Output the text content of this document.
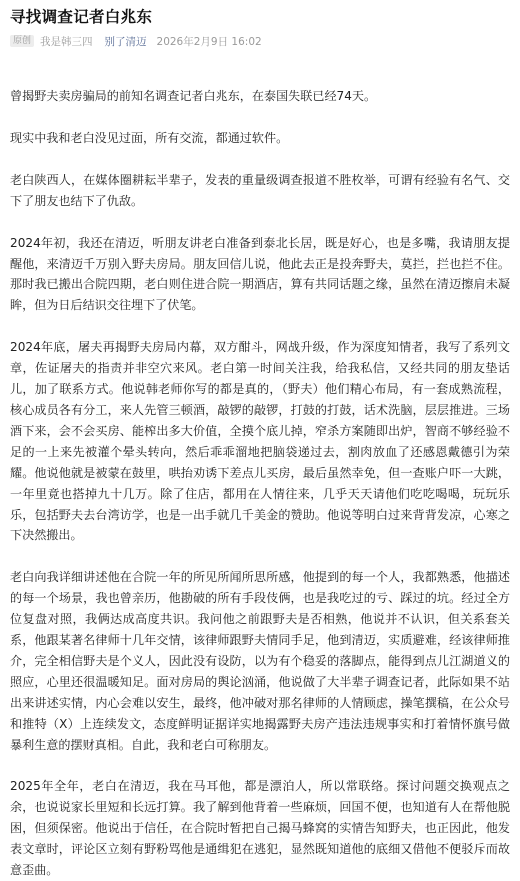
寻找调查记者白兆东
原创 我是韩三四 别了清迈 2026年2月9日 16:02

曾揭野夫卖房骗局的前知名调查记者白兆东，在泰国失联已经74天。

现实中我和老白没见过面，所有交流，都通过软件。

老白陕西人，在媒体圈耕耘半辈子，发表的重量级调查报道不胜枚举，可谓有经验有名气、交下了朋友也结下了仇敌。

2024年初，我还在清迈，听朋友讲老白准备到泰北长居，既是好心，也是多嘴，我请朋友提醒他，来清迈千万别入野夫房局。朋友回信儿说，他此去正是投奔野夫，莫拦，拦也拦不住。那时我已搬出合院四期，老白则住进合院一期酒店，算有共同话题之缘，虽然在清迈擦肩未凝眸，但为日后结识交往埋下了伏笔。

2024年底，屠夫再揭野夫房局内幕，双方酣斗，网战升级，作为深度知情者，我写了系列文章，佐证屠夫的指责并非空穴来风。老白第一时间关注我，给我私信，又经共同的朋友垫话儿，加了联系方式。他说韩老师你写的都是真的，（野夫）他们精心布局，有一套成熟流程，核心成员各有分工，来人先管三顿酒，敲锣的敲锣，打鼓的打鼓，话术洗脑，层层推进。三场酒下来，会不会买房、能榨出多大价值，全摸个底儿掉，窄杀方案随即出炉，智商不够经验不足的一上来先被灌个晕头转向，然后乖乖溜地把脑袋递过去，割肉放血了还感恩戴德引为荣耀。他说他就是被蒙在鼓里，哄抬劝诱下差点儿买房，最后虽然幸免，但一查账户吓一大跳，一年里竟也搭掉九十几万。除了住店，都用在人情往来，几乎天天请他们吃吃喝喝，玩玩乐乐，包括野夫去台湾访学，也是一出手就几千美金的赞助。他说等明白过来背背发凉，心寒之下决然搬出。

老白向我详细讲述他在合院一年的所见所闻所思所感，他提到的每一个人，我都熟悉，他描述的每一个场景，我也曾亲历，他勘破的所有手段伎俩，也是我吃过的亏、踩过的坑。经过全方位复盘对照，我俩达成高度共识。我问他之前跟野夫是否相熟，他说并不认识，但关系套关系，他跟某著名律师十几年交情，该律师跟野夫情同手足，他到清迈，实质避难，经该律师推介，完全相信野夫是个义人，因此没有设防，以为有个稳妥的落脚点，能得到点儿江湖道义的照应，心里还很温暖知足。面对房局的舆论汹涌，他说做了大半辈子调查记者，此际如果不站出来讲述实情，内心会难以安生，最终，他冲破对那名律师的人情顾虑，操笔撰稿，在公众号和推特（X）上连续发文，态度鲜明证据详实地揭露野夫房产违法违规事实和打着情怀旗号做暴利生意的摆财真相。自此，我和老白可称朋友。

2025年全年，老白在清迈，我在马耳他，都是漂泊人，所以常联络。探讨问题交换观点之余，也说说家长里短和长远打算。我了解到他背着一些麻烦，回国不便，也知道有人在帮他脱困，但须保密。他说出于信任，在合院时暂把自己揭马蜂窝的实情告知野夫，也正因此，他发表文章时，评论区立刻有野粉骂他是通缉犯在逃犯，显然既知道他的底细又借他不便驳斥而故意歪曲。
